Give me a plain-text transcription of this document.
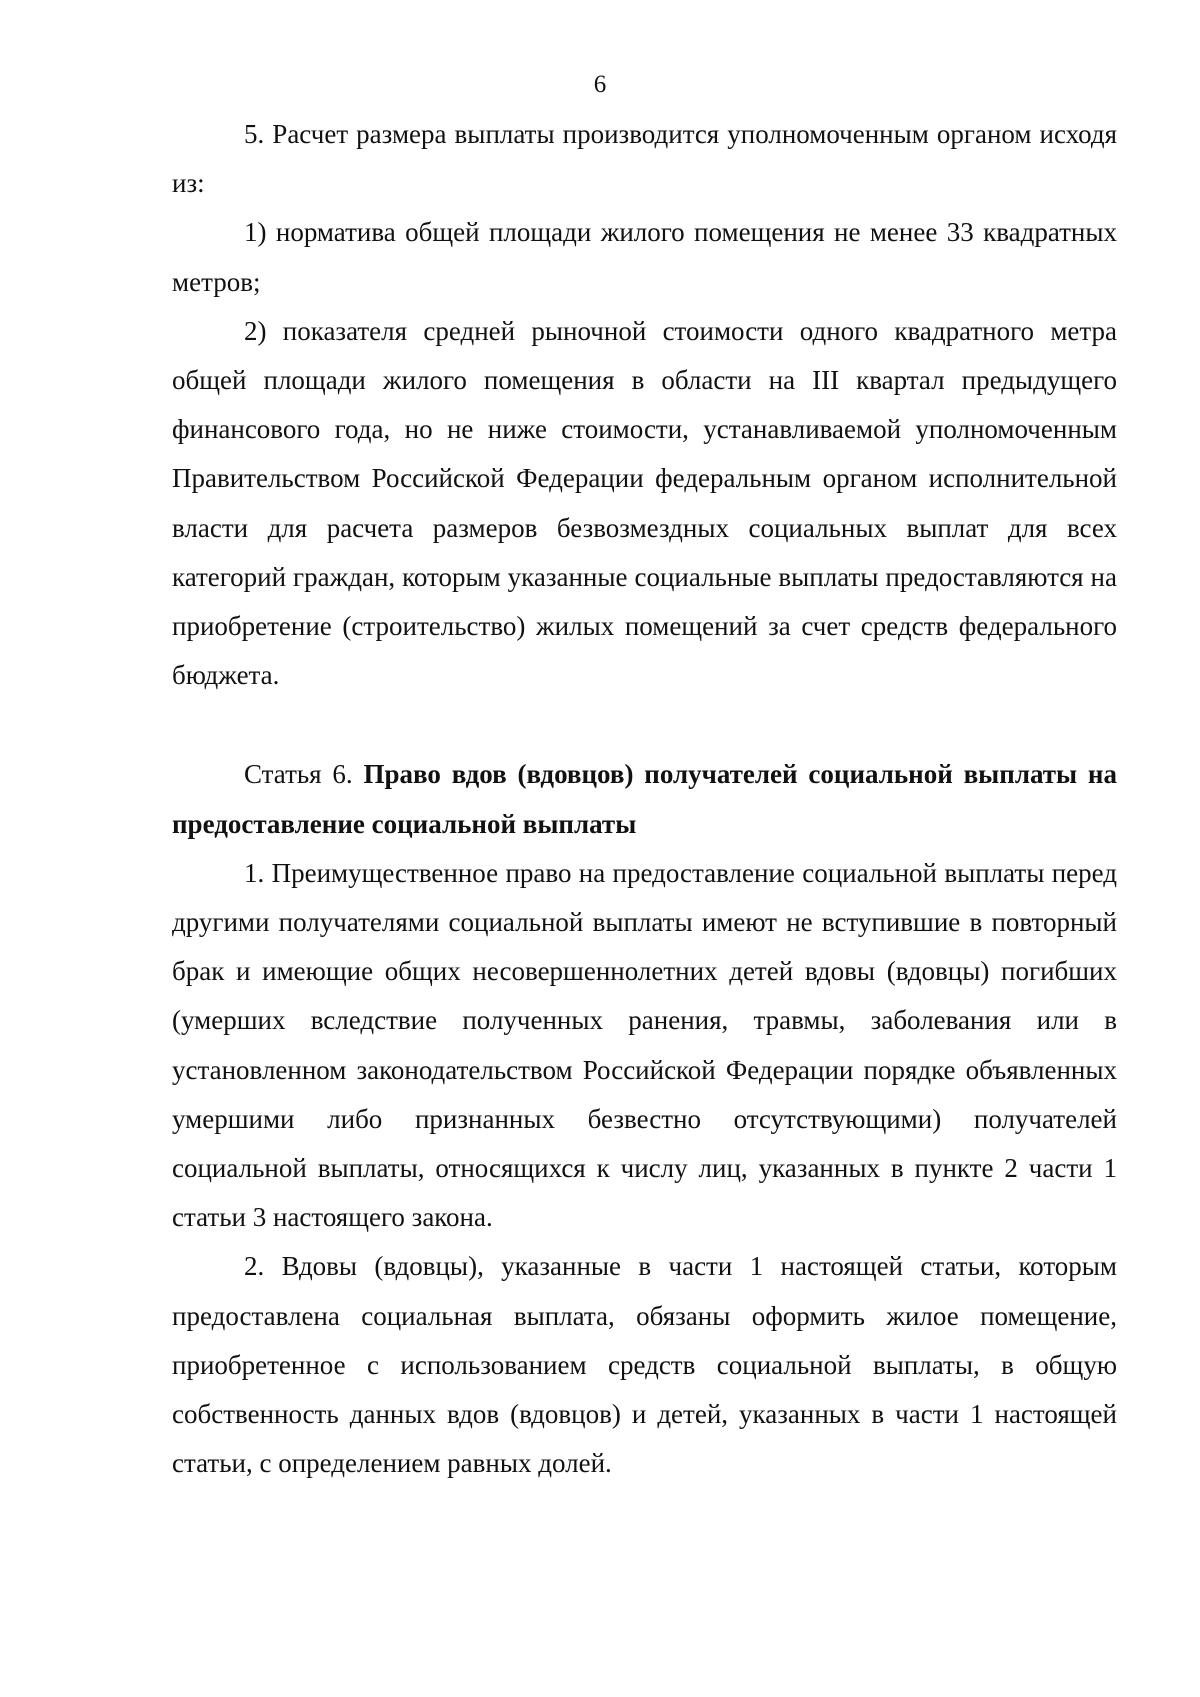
6

5. Расчет размера выплаты производится уполномоченным органом исходя из:

1) норматива общей площади жилого помещения не менее 33 квадратных метров;

2) показателя средней рыночной стоимости одного квадратного метра общей площади жилого помещения в области на III квартал предыдущего финансового года, но не ниже стоимости, устанавливаемой уполномоченным Правительством Российской Федерации федеральным органом исполнительной власти для расчета размеров безвозмездных социальных выплат для всех категорий граждан, которым указанные социальные выплаты предоставляются на приобретение (строительство) жилых помещений за счет средств федерального бюджета.

Статья 6. Право вдов (вдовцов) получателей социальной выплаты на предоставление социальной выплаты

1. Преимущественное право на предоставление социальной выплаты перед другими получателями социальной выплаты имеют не вступившие в повторный брак и имеющие общих несовершеннолетних детей вдовы (вдовцы) погибших (умерших вследствие полученных ранения, травмы, заболевания или в установленном законодательством Российской Федерации порядке объявленных умершими либо признанных безвестно отсутствующими) получателей социальной выплаты, относящихся к числу лиц, указанных в пункте 2 части 1 статьи 3 настоящего закона.

2. Вдовы (вдовцы), указанные в части 1 настоящей статьи, которым предоставлена социальная выплата, обязаны оформить жилое помещение, приобретенное с использованием средств социальной выплаты, в общую собственность данных вдов (вдовцов) и детей, указанных в части 1 настоящей статьи, с определением равных долей.
